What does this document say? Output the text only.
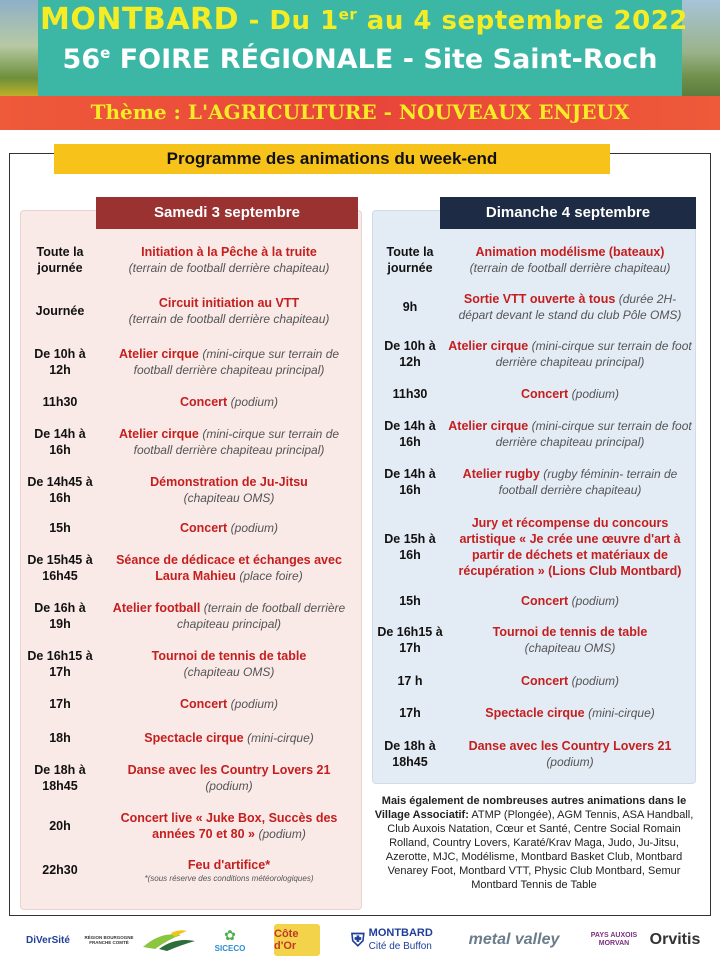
MONTBARD - Du 1er au 4 septembre 2022
56e FOIRE RÉGIONALE - Site Saint-Roch
Thème : L'AGRICULTURE - NOUVEAUX ENJEUX
Programme des animations du week-end
Samedi 3 septembre	Dimanche 4 septembre
Toute la journée
Initiation à la Pêche à la truite
(terrain de football derrière chapiteau)
Journée
Circuit initiation au VTT
(terrain de football derrière chapiteau)
De 10h à 12h
Atelier cirque (mini-cirque sur terrain de football derrière chapiteau principal)
11h30	Concert (podium)
De 14h à 16h
Atelier cirque (mini-cirque sur terrain de football derrière chapiteau principal)
De 14h45 à 16h
Démonstration de Ju-Jitsu
(chapiteau OMS)
15h	Concert (podium)
De 15h45 à 16h45
Séance de dédicace et échanges avec Laura Mahieu (place foire)
De 16h à 19h
Atelier football (terrain de football derrière chapiteau principal)
De 16h15 à 17h
Tournoi de tennis de table
(chapiteau OMS)
17h	Concert (podium)
18h	Spectacle cirque (mini-cirque)
De 18h à 18h45
Danse avec les Country Lovers 21
(podium)
20h
Concert live « Juke Box, Succès des années 70 et 80 » (podium)
22h30	Feu d'artifice*
*(sous réserve des conditions météorologiques)
Toute la journée
Animation modélisme (bateaux)
(terrain de football derrière chapiteau)
9h
Sortie VTT ouverte à tous (durée 2H- départ devant le stand du club Pôle OMS)
De 10h à 12h
Atelier cirque (mini-cirque sur terrain de foot derrière chapiteau principal)
11h30	Concert (podium)
De 14h à 16h
Atelier cirque (mini-cirque sur terrain de foot derrière chapiteau principal)
De 14h à 16h
Atelier rugby (rugby féminin- terrain de football derrière chapiteau)
De 15h à 16h
Jury et récompense du concours artistique « Je crée une œuvre d'art à partir de déchets et matériaux de récupération » (Lions Club Montbard)
15h	Concert (podium)
De 16h15 à 17h
Tournoi de tennis de table
(chapiteau OMS)
17 h	Concert (podium)
17h	Spectacle cirque (mini-cirque)
De 18h à 18h45
Danse avec les Country Lovers 21
(podium)
Mais également de nombreuses autres animations dans le Village Associatif: ATMP (Plongée), AGM Tennis, ASA Handball, Club Auxois Natation, Cœur et Santé, Centre Social Romain Rolland, Country Lovers, Karaté/Krav Maga, Judo, Ju-Jitsu, Azerotte, MJC, Modélisme, Montbard Basket Club, Montbard Venarey Foot, Montbard VTT, Physic Club Montbard, Semur Montbard Tennis de Table
DiVerSité	RÉGION BOURGOGNE FRANCHE COMTÉ	✿
SICECO
Côte d'Or	⛨ MONTBARD
Cité de Buffon metal
valley	PAYS AUXOIS MORVAN	Orvitis
